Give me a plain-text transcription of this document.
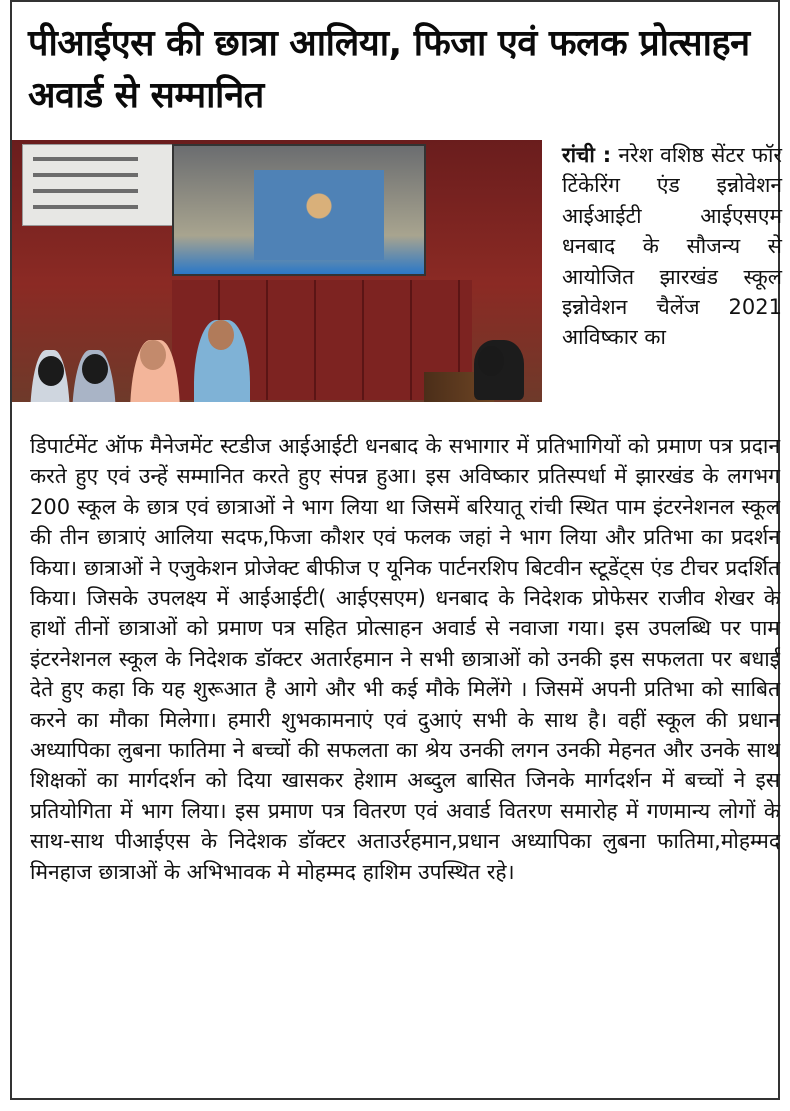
पीआईएस की छात्रा आलिया, फिजा एवं फलक प्रोत्साहन अवार्ड से सम्मानित
रांची : नरेश वशिष्ठ सेंटर फॉर टिंकेरिंग एंड इन्नोवेशन आईआईटी आईएसएम धनबाद के सौजन्य से आयोजित झारखंड स्कूल इन्नोवेशन चैलेंज 2021 आविष्कार का
डिपार्टमेंट ऑफ मैनेजमेंट स्टडीज आईआईटी धनबाद के सभागार में प्रतिभागियों को प्रमाण पत्र प्रदान करते हुए एवं उन्हें सम्मानित करते हुए संपन्न हुआ। इस अविष्कार प्रतिस्पर्धा में झारखंड के लगभग 200 स्कूल के छात्र एवं छात्राओं ने भाग लिया था जिसमें बरियातू रांची स्थित पाम इंटरनेशनल स्कूल की तीन छात्राएं आलिया सदफ,फिजा कौशर एवं फलक जहां ने भाग लिया और प्रतिभा का प्रदर्शन किया। छात्राओं ने एजुकेशन प्रोजेक्ट बीफीज ए यूनिक पार्टनरशिप बिटवीन स्टूडेंट्स एंड टीचर प्रदर्शित किया। जिसके उपलक्ष्य में आईआईटी( आईएसएम) धनबाद के निदेशक प्रोफेसर राजीव शेखर के हाथों तीनों छात्राओं को प्रमाण पत्र सहित प्रोत्साहन अवार्ड से नवाजा गया। इस उपलब्धि पर पाम इंटरनेशनल स्कूल के निदेशक डॉक्टर अतार्रहमान ने सभी छात्राओं को उनकी इस सफलता पर बधाई देते हुए कहा कि यह शुरूआत है आगे और भी कई मौके मिलेंगे । जिसमें अपनी प्रतिभा को साबित करने का मौका मिलेगा। हमारी शुभकामनाएं एवं दुआएं सभी के साथ है। वहीं स्कूल की प्रधान अध्यापिका लुबना फातिमा ने बच्चों की सफलता का श्रेय उनकी लगन उनकी मेहनत और उनके साथ शिक्षकों का मार्गदर्शन को दिया खासकर हेशाम अब्दुल बासित जिनके मार्गदर्शन में बच्चों ने इस प्रतियोगिता में भाग लिया। इस प्रमाण पत्र वितरण एवं अवार्ड वितरण समारोह में गणमान्य लोगों के साथ-साथ पीआईएस के निदेशक डॉक्टर अताउर्रहमान,प्रधान अध्यापिका लुबना फातिमा,मोहम्मद मिनहाज छात्राओं के अभिभावक मे मोहम्मद हाशिम उपस्थित रहे।
